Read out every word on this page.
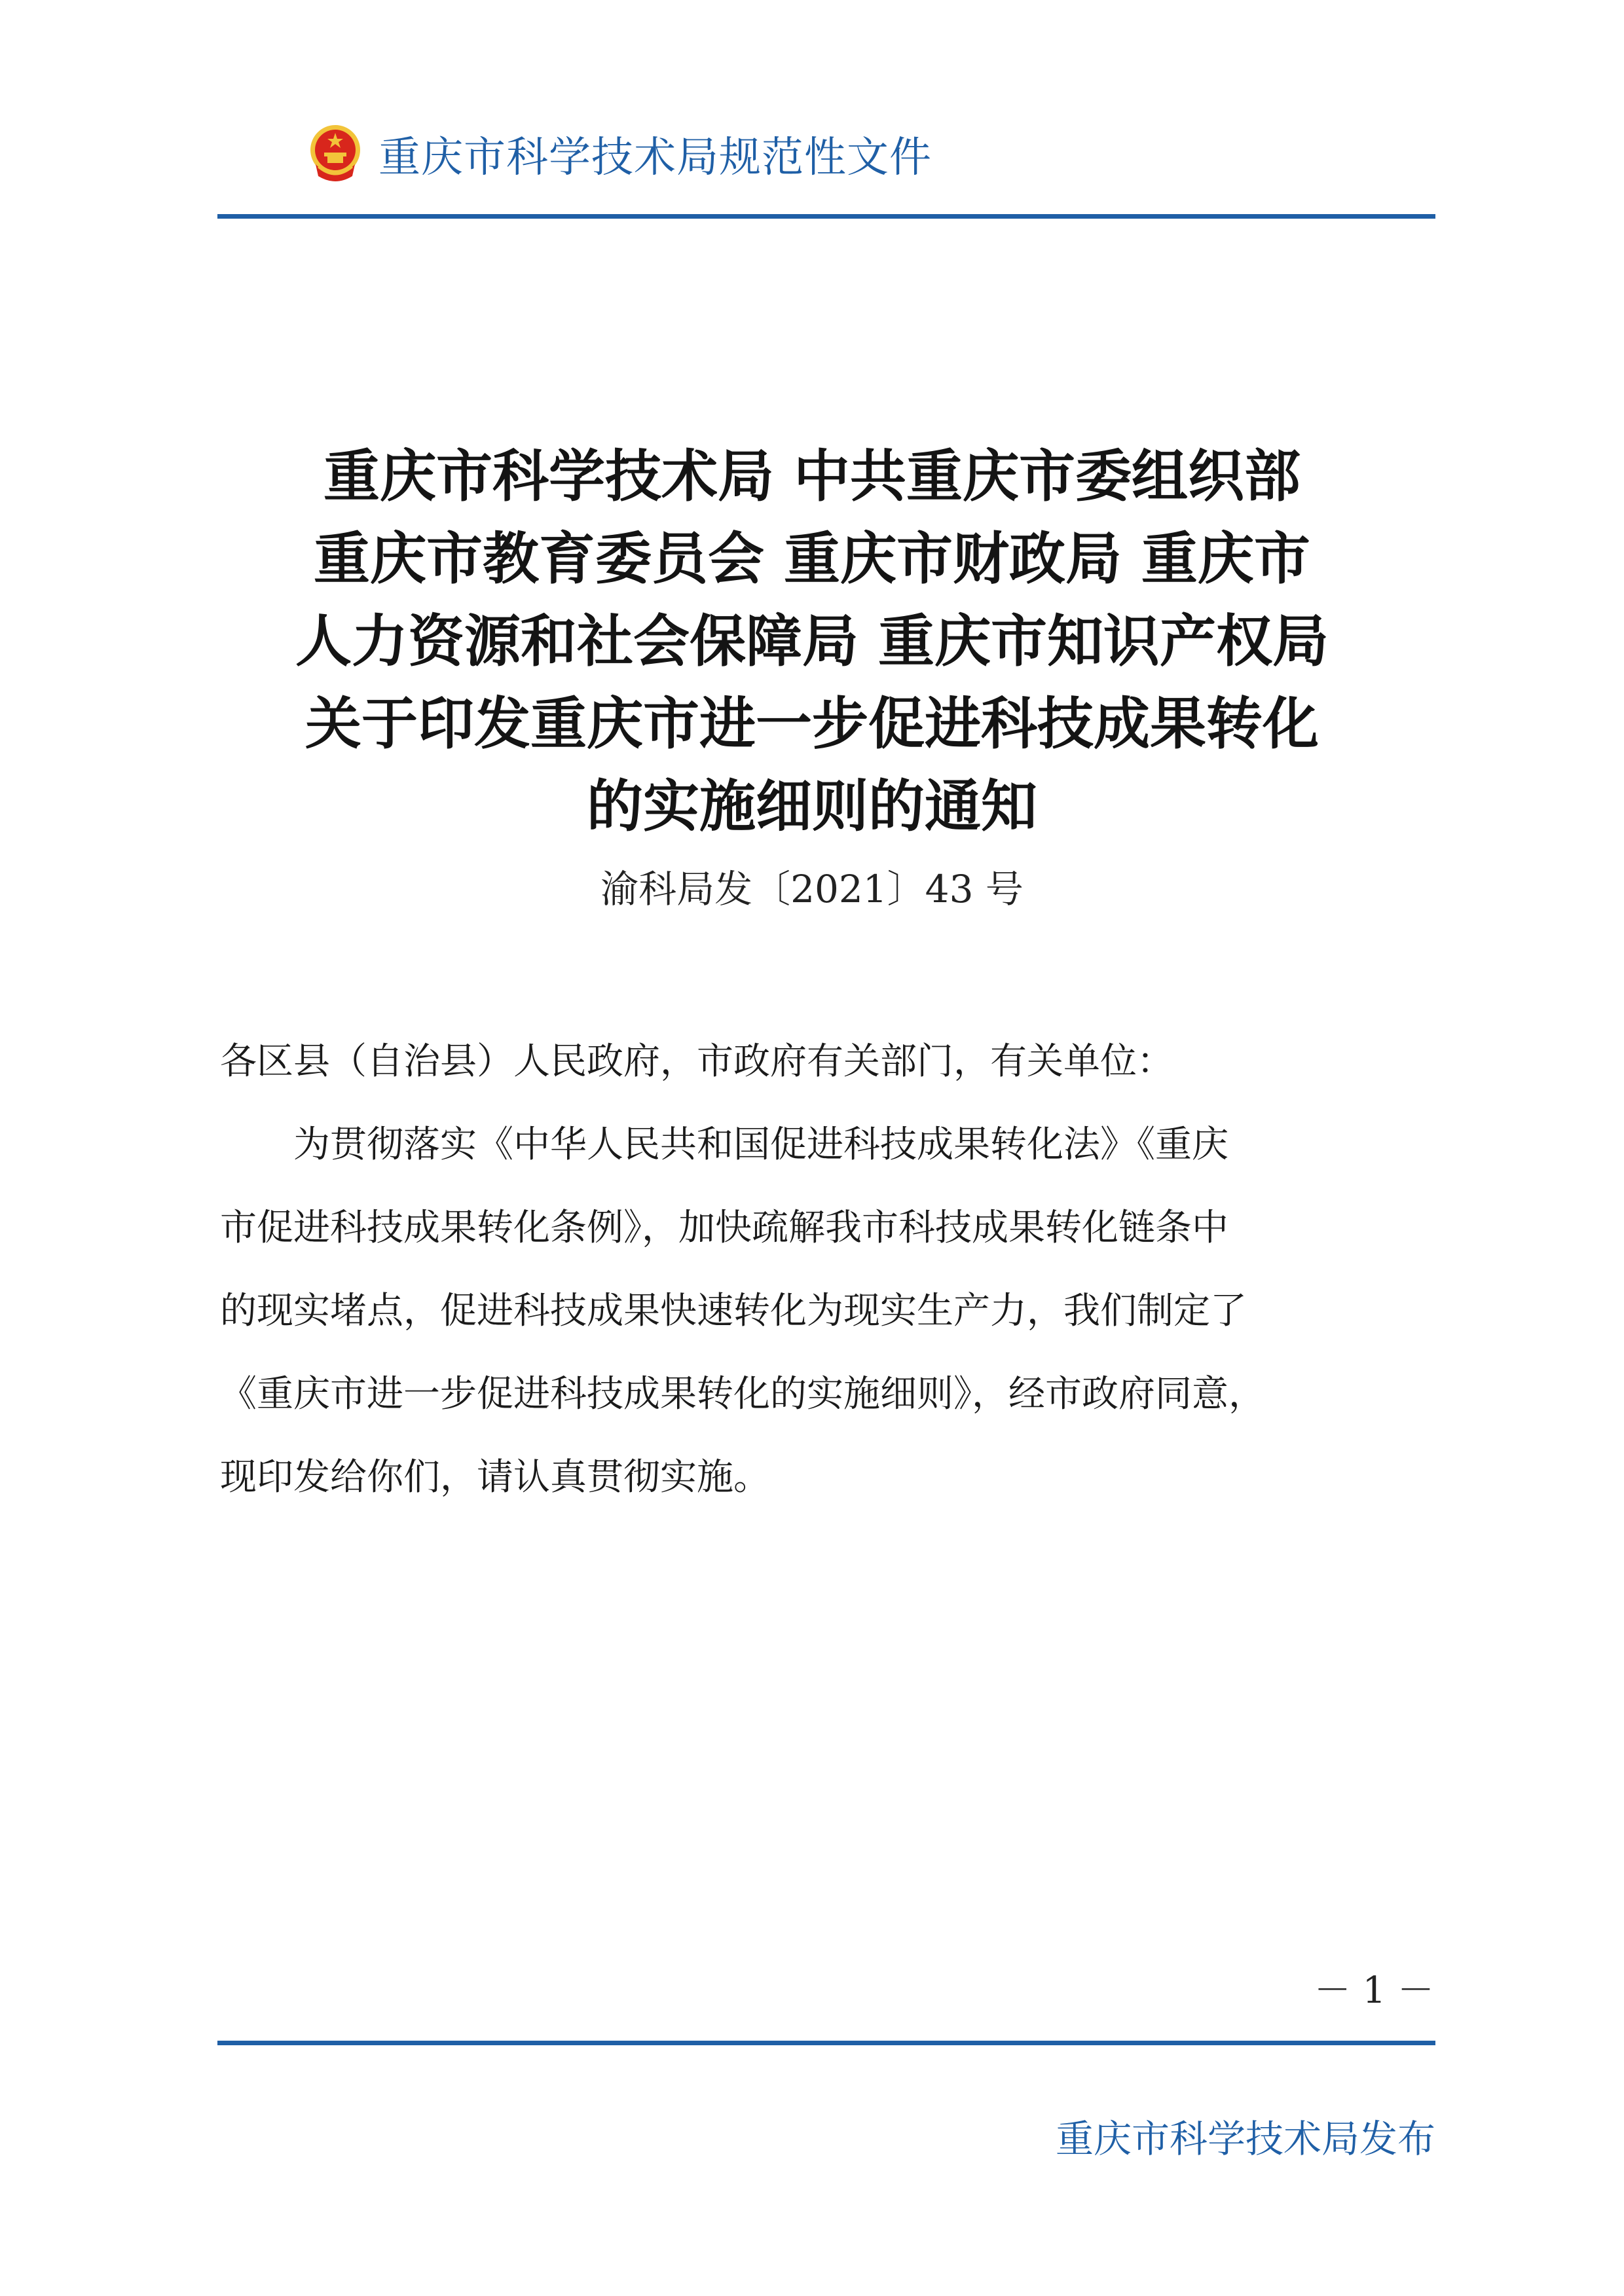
重庆市科学技术局规范性文件
重庆市科学技术局 中共重庆市委组织部
重庆市教育委员会 重庆市财政局 重庆市
人力资源和社会保障局 重庆市知识产权局
关于印发重庆市进一步促进科技成果转化
的实施细则的通知
渝科局发〔2021〕43 号
各区县（自治县）人民政府，市政府有关部门，有关单位：
为贯彻落实《中华人民共和国促进科技成果转化法》《重庆
市促进科技成果转化条例》，加快疏解我市科技成果转化链条中
的现实堵点，促进科技成果快速转化为现实生产力，我们制定了
《重庆市进一步促进科技成果转化的实施细则》，经市政府同意，
现印发给你们，请认真贯彻实施。
－ 1 －
重庆市科学技术局发布
